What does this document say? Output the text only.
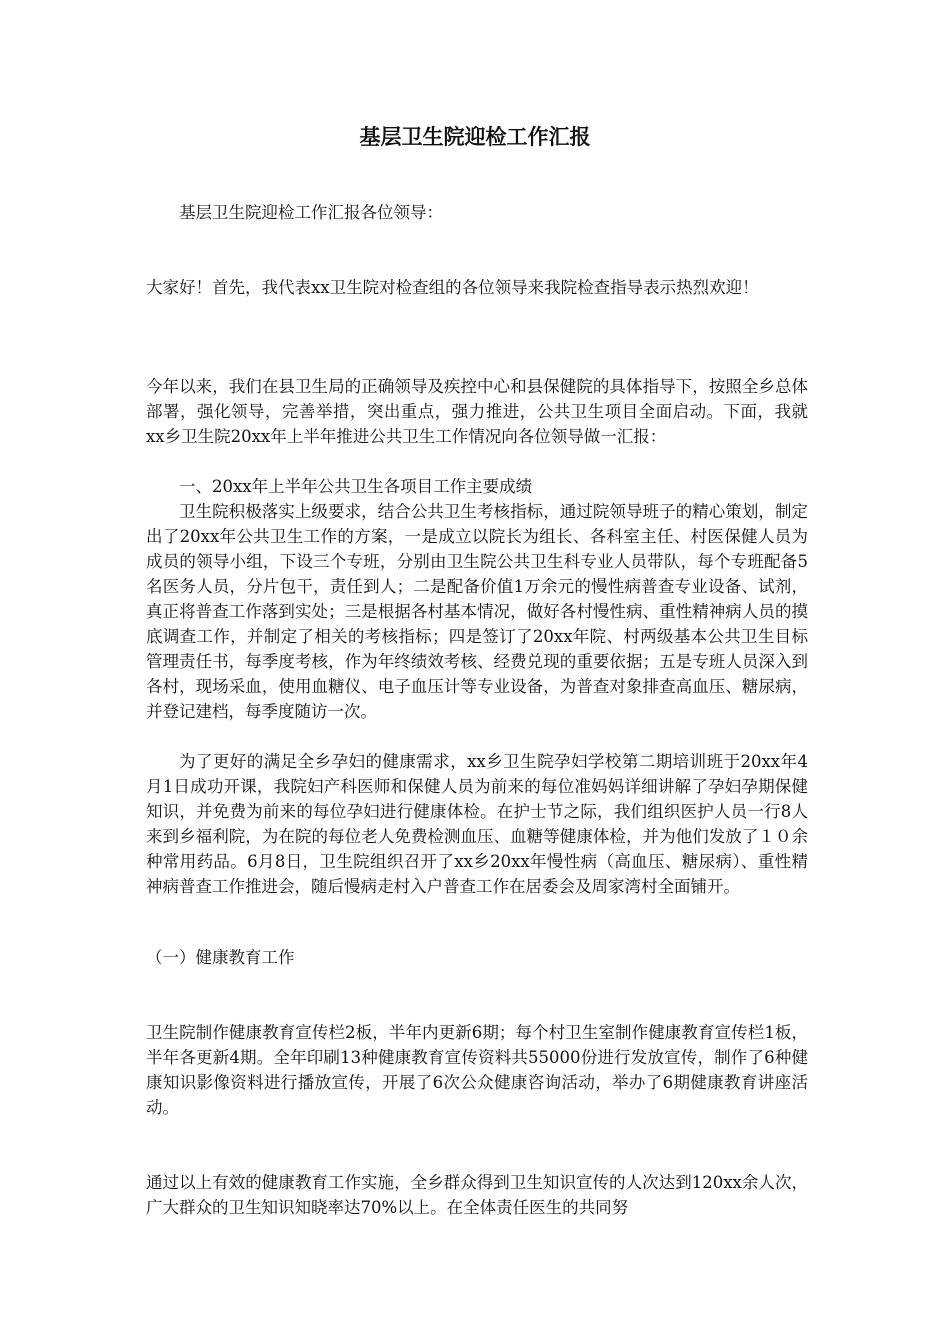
基层卫生院迎检工作汇报

基层卫生院迎检工作汇报各位领导：

大家好！首先，我代表xx卫生院对检查组的各位领导来我院检查指导表示热烈欢迎！

今年以来，我们在县卫生局的正确领导及疾控中心和县保健院的具体指导下，按照全乡总体部署，强化领导，完善举措，突出重点，强力推进，公共卫生项目全面启动。下面，我就xx乡卫生院20xx年上半年推进公共卫生工作情况向各位领导做一汇报：

一、20xx年上半年公共卫生各项目工作主要成绩

卫生院积极落实上级要求，结合公共卫生考核指标，通过院领导班子的精心策划，制定出了20xx年公共卫生工作的方案，一是成立以院长为组长、各科室主任、村医保健人员为成员的领导小组，下设三个专班，分别由卫生院公共卫生科专业人员带队，每个专班配备5名医务人员，分片包干，责任到人；二是配备价值1万余元的慢性病普查专业设备、试剂，真正将普查工作落到实处；三是根据各村基本情况，做好各村慢性病、重性精神病人员的摸底调查工作，并制定了相关的考核指标；四是签订了20xx年院、村两级基本公共卫生目标管理责任书，每季度考核，作为年终绩效考核、经费兑现的重要依据；五是专班人员深入到各村，现场采血，使用血糖仪、电子血压计等专业设备，为普查对象排查高血压、糖尿病，并登记建档，每季度随访一次。

为了更好的满足全乡孕妇的健康需求，xx乡卫生院孕妇学校第二期培训班于20xx年4月1日成功开课，我院妇产科医师和保健人员为前来的每位准妈妈详细讲解了孕妇孕期保健知识，并免费为前来的每位孕妇进行健康体检。在护士节之际，我们组织医护人员一行8人来到乡福利院，为在院的每位老人免费检测血压、血糖等健康体检，并为他们发放了１０余种常用药品。6月8日，卫生院组织召开了xx乡20xx年慢性病（高血压、糖尿病）、重性精神病普查工作推进会，随后慢病走村入户普查工作在居委会及周家湾村全面铺开。

（一）健康教育工作

卫生院制作健康教育宣传栏2板，半年内更新6期；每个村卫生室制作健康教育宣传栏1板，半年各更新4期。全年印刷13种健康教育宣传资料共55000份进行发放宣传，制作了6种健康知识影像资料进行播放宣传，开展了6次公众健康咨询活动，举办了6期健康教育讲座活动。

通过以上有效的健康教育工作实施，全乡群众得到卫生知识宣传的人次达到120xx余人次，广大群众的卫生知识知晓率达70%以上。在全体责任医生的共同努
